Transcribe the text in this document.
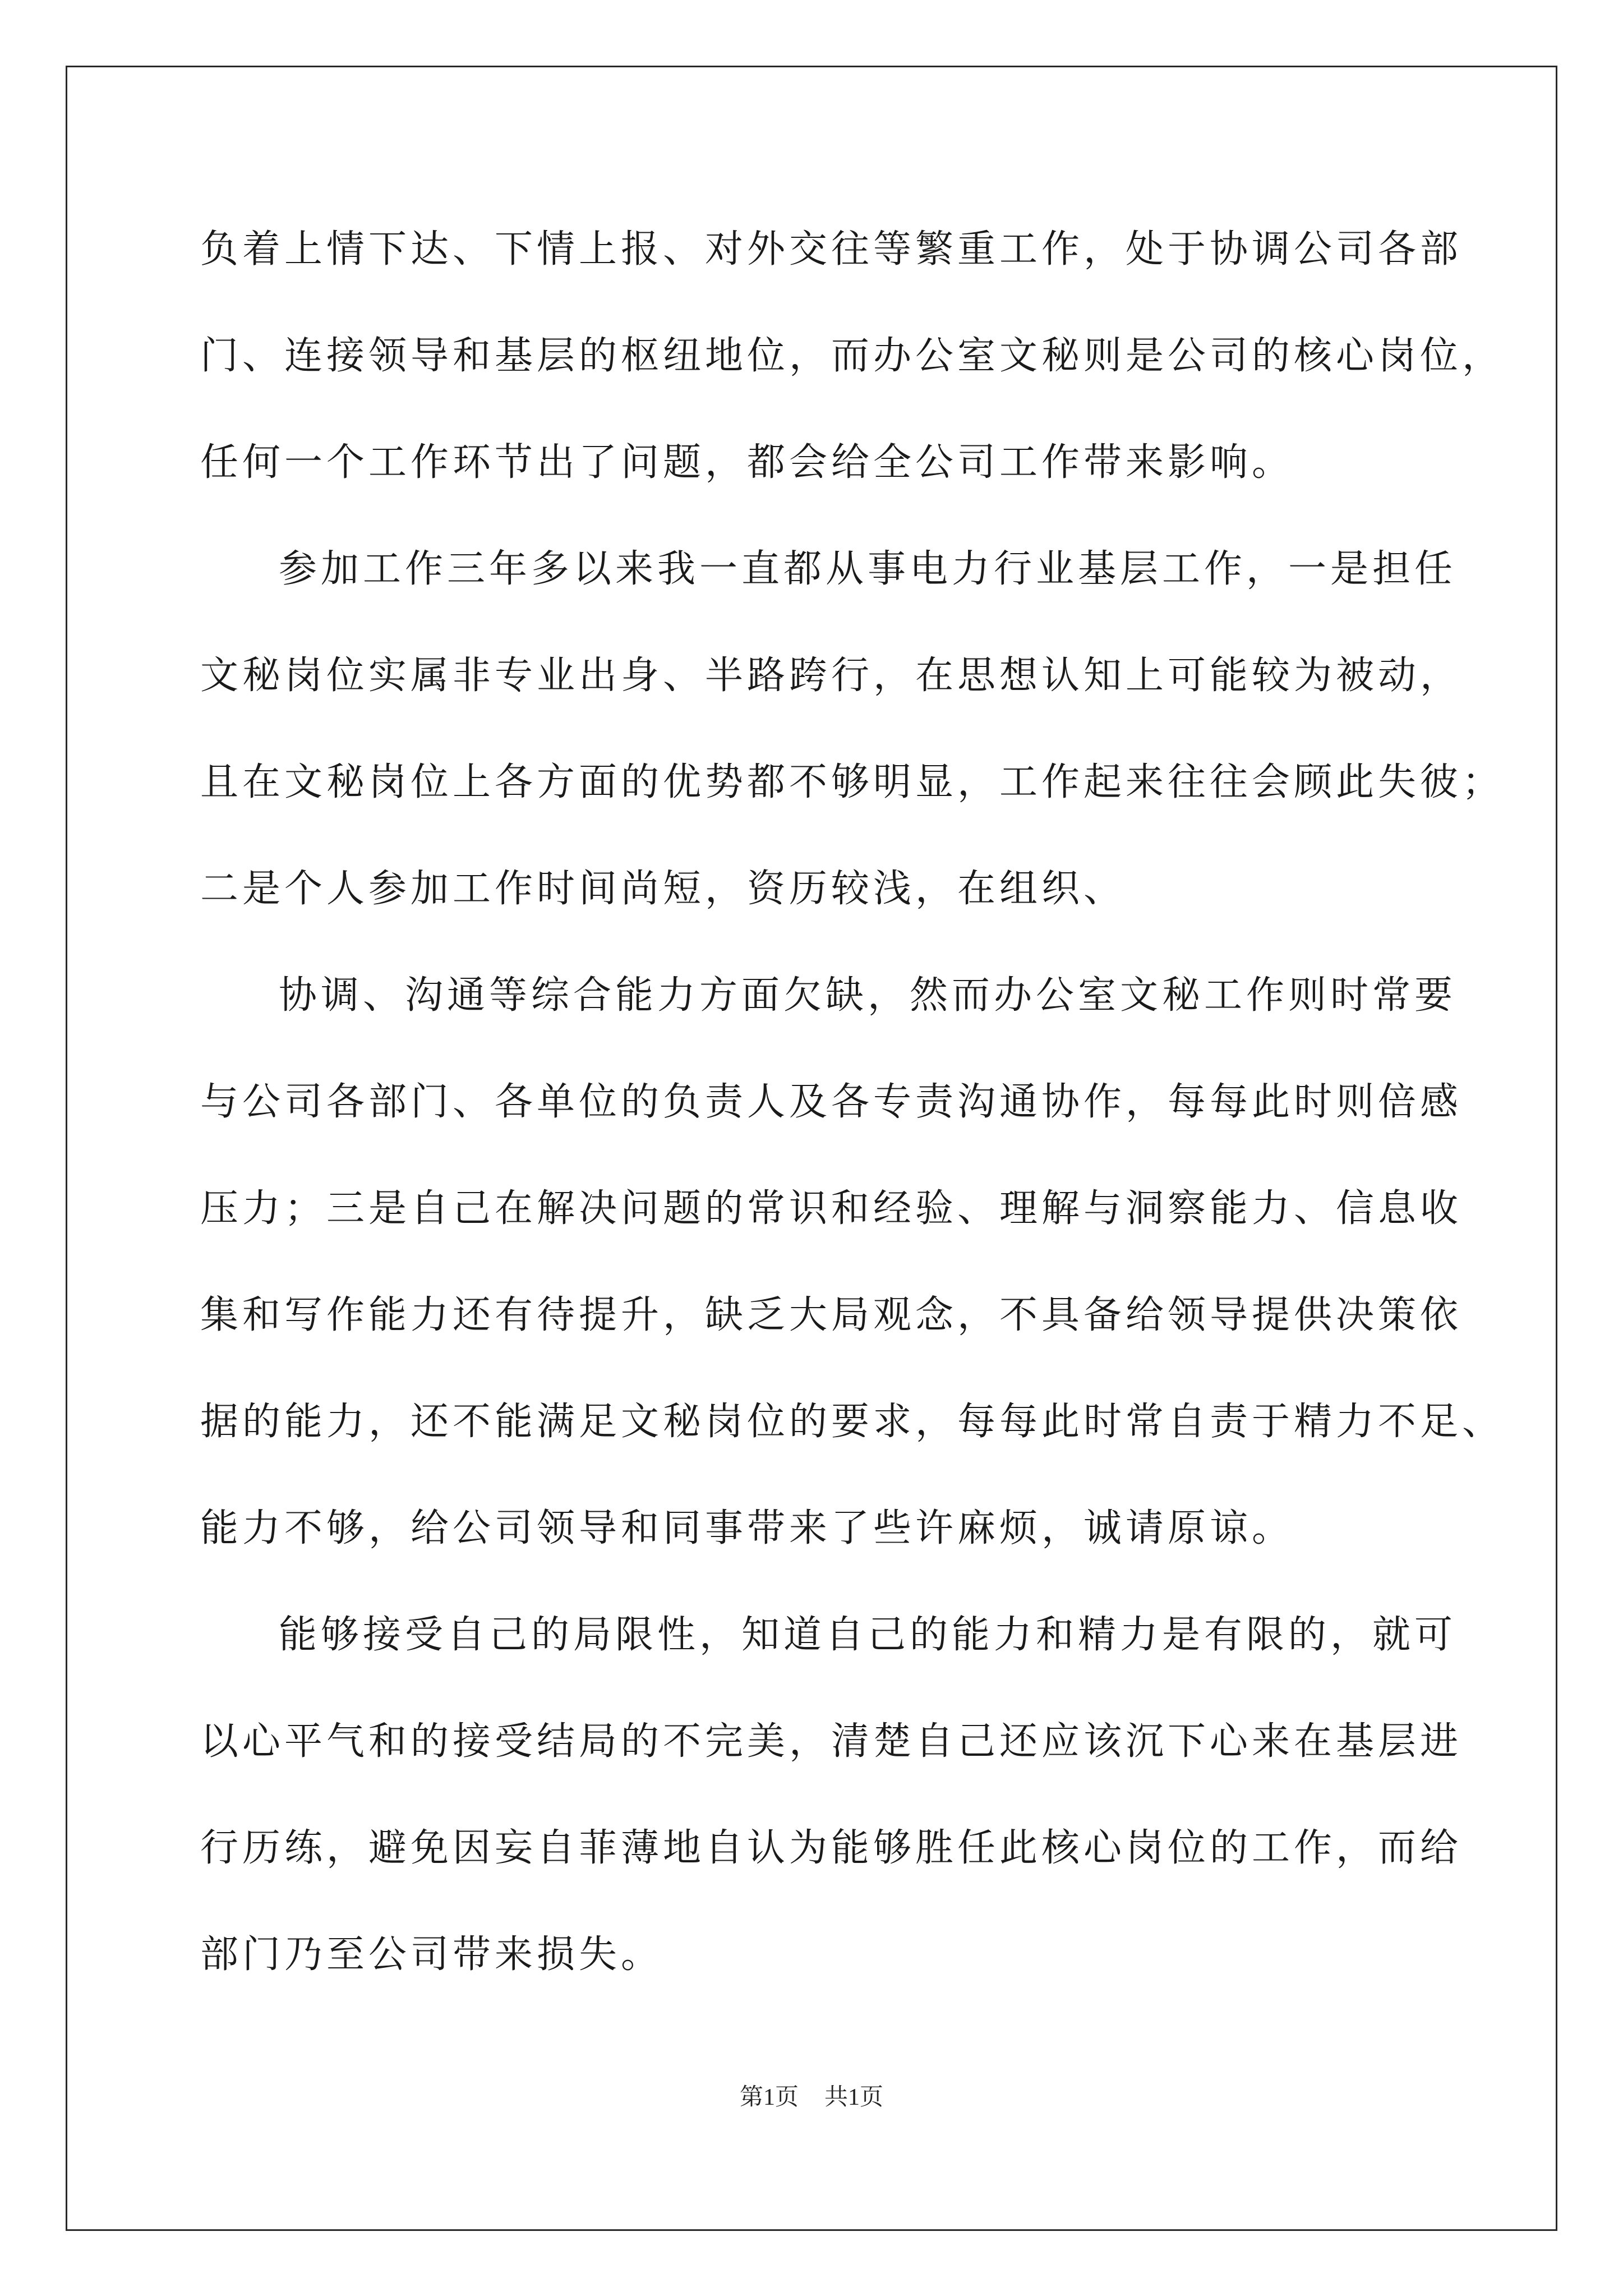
负着上情下达、下情上报、对外交往等繁重工作，处于协调公司各部
门、连接领导和基层的枢纽地位，而办公室文秘则是公司的核心岗位，
任何一个工作环节出了问题，都会给全公司工作带来影响。
参加工作三年多以来我一直都从事电力行业基层工作，一是担任
文秘岗位实属非专业出身、半路跨行，在思想认知上可能较为被动，
且在文秘岗位上各方面的优势都不够明显，工作起来往往会顾此失彼；
二是个人参加工作时间尚短，资历较浅，在组织、
协调、沟通等综合能力方面欠缺，然而办公室文秘工作则时常要
与公司各部门、各单位的负责人及各专责沟通协作，每每此时则倍感
压力；三是自己在解决问题的常识和经验、理解与洞察能力、信息收
集和写作能力还有待提升，缺乏大局观念，不具备给领导提供决策依
据的能力，还不能满足文秘岗位的要求，每每此时常自责于精力不足、
能力不够，给公司领导和同事带来了些许麻烦，诚请原谅。
能够接受自己的局限性，知道自己的能力和精力是有限的，就可
以心平气和的接受结局的不完美，清楚自己还应该沉下心来在基层进
行历练，避免因妄自菲薄地自认为能够胜任此核心岗位的工作，而给
部门乃至公司带来损失。
第1页 共1页
